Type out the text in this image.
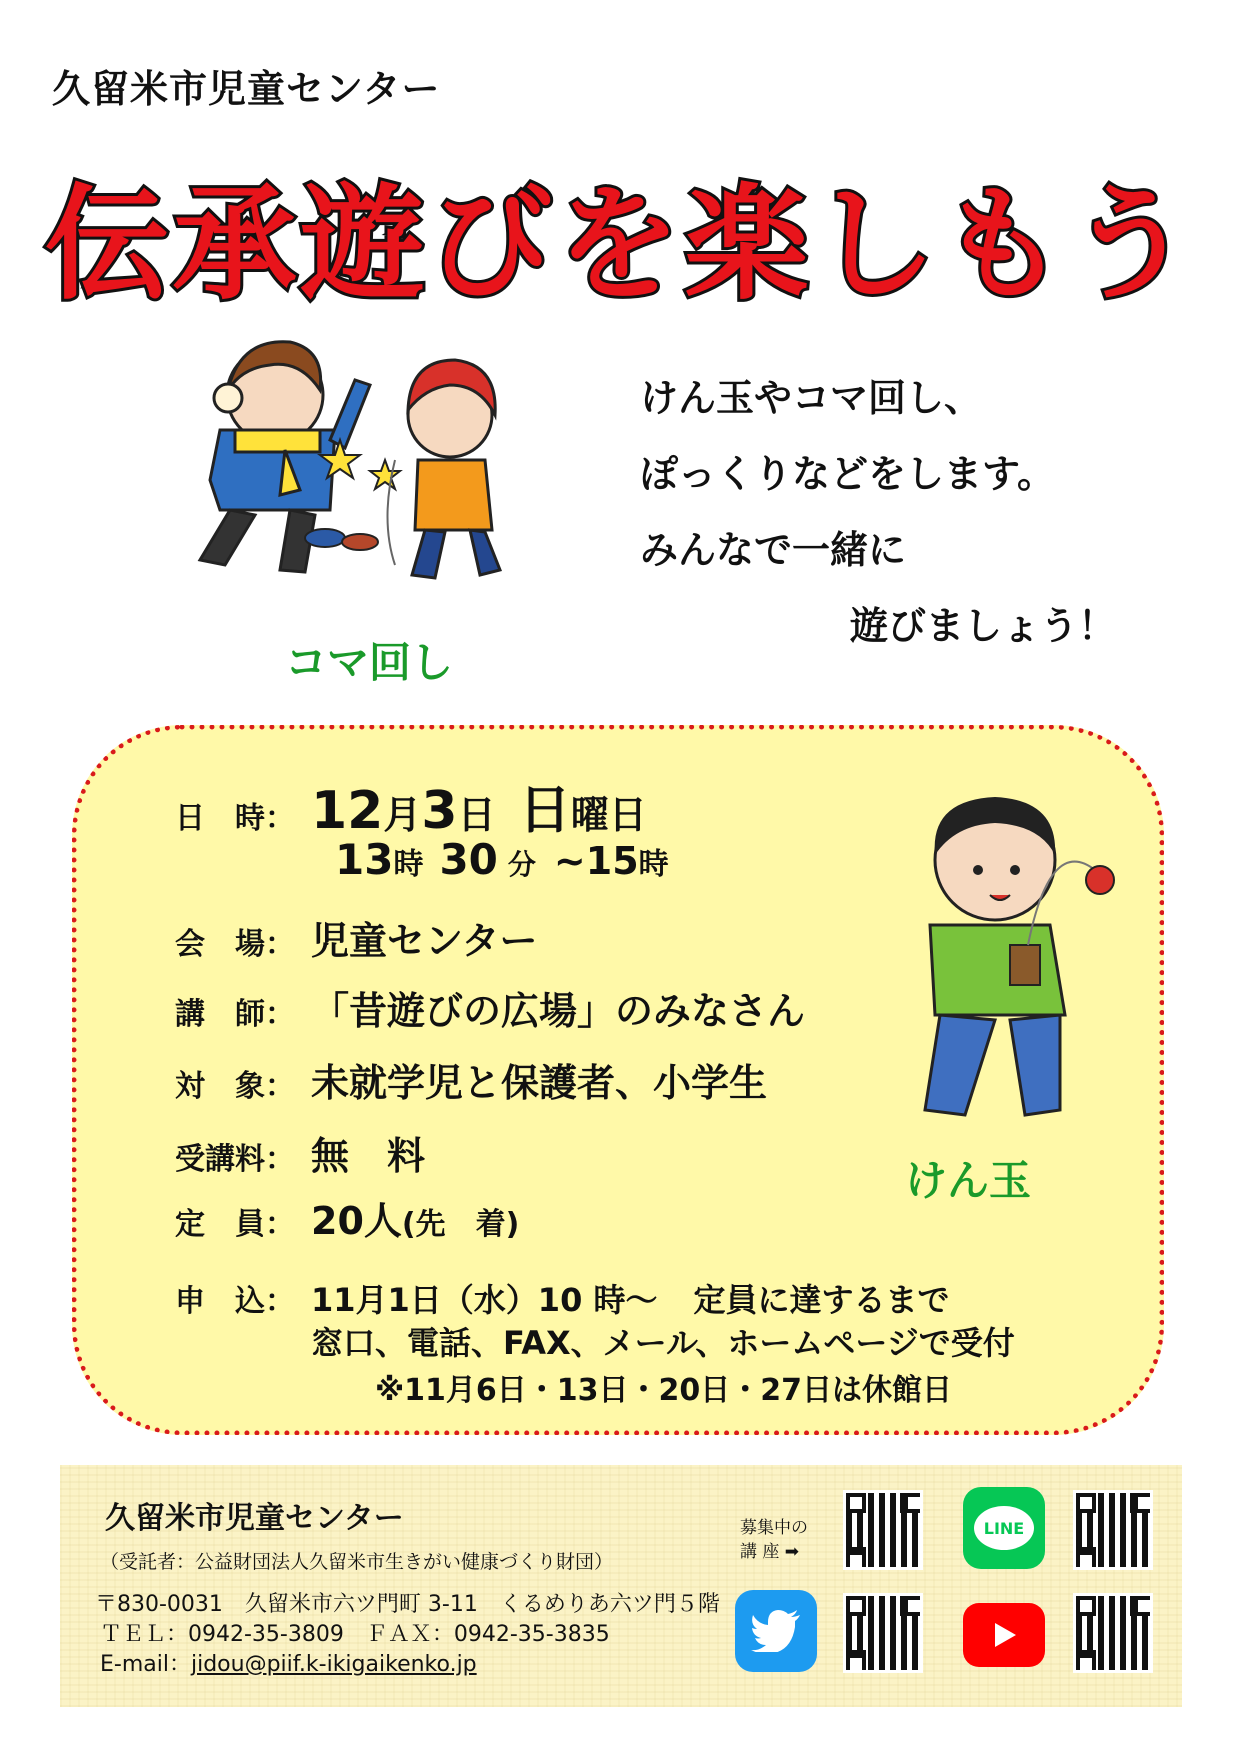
久留米市児童センター
伝承遊びを楽しもう
コマ回し
けん玉やコマ回し、
ぽっくりなどをします。
みんなで一緒に
遊びましょう！
日　時： 12月3日 日曜日
13 時 30 分 ~15 時
会　場： 児童センター
講　師： 「昔遊びの広場」のみなさん
対　象： 未就学児と保護者、小学生
受講料： 無　料
定　員： 20 人 (先　着)
申　込： 11月1日（水）10 時～ 定員に達するまで
窓口、電話、FAX、メール、ホームページで受付
※11月6日・13日・20日・27日は休館日
けん玉
久留米市児童センター
（受託者：公益財団法人久留米市生きがい健康づくり財団）
〒830-0031　久留米市六ツ門町 3-11　くるめりあ六ツ門５階
ＴＥＬ：0942-35-3809　ＦＡＸ：0942-35-3835
E-mail：jidou@piif.k-ikigaikenko.jp
募集中の
講 座 ➡
LINE
